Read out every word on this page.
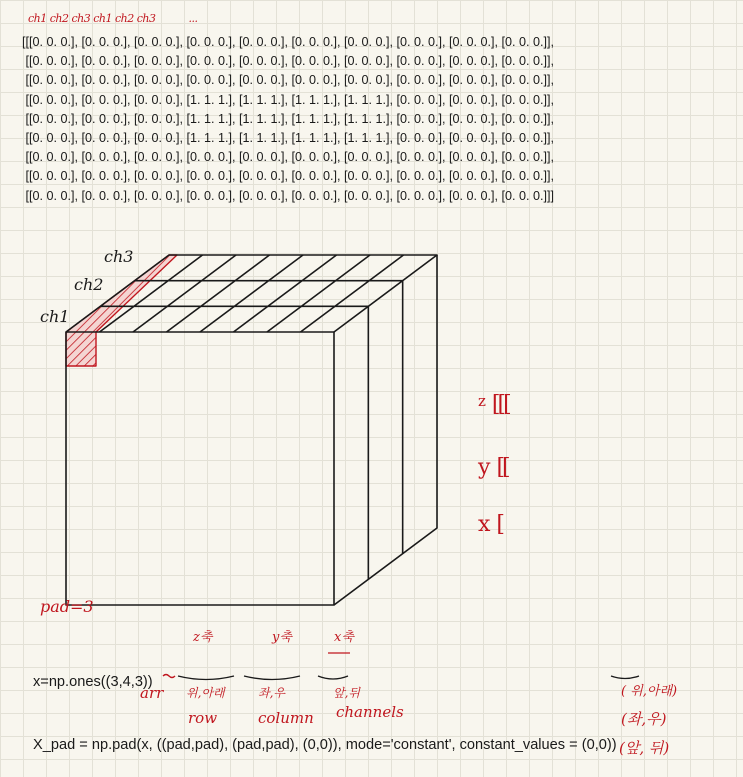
ch1 ch2 ch3 ch1 ch2 ch3	...
[[[0. 0. 0.], [0. 0. 0.], [0. 0. 0.], [0. 0. 0.], [0. 0. 0.], [0. 0. 0.], [0. 0. 0.], [0. 0. 0.], [0. 0. 0.], [0. 0. 0.]],
[[0. 0. 0.], [0. 0. 0.], [0. 0. 0.], [0. 0. 0.], [0. 0. 0.], [0. 0. 0.], [0. 0. 0.], [0. 0. 0.], [0. 0. 0.], [0. 0. 0.]],
[[0. 0. 0.], [0. 0. 0.], [0. 0. 0.], [0. 0. 0.], [0. 0. 0.], [0. 0. 0.], [0. 0. 0.], [0. 0. 0.], [0. 0. 0.], [0. 0. 0.]],
[[0. 0. 0.], [0. 0. 0.], [0. 0. 0.], [1. 1. 1.], [1. 1. 1.], [1. 1. 1.], [1. 1. 1.], [0. 0. 0.], [0. 0. 0.], [0. 0. 0.]],
[[0. 0. 0.], [0. 0. 0.], [0. 0. 0.], [1. 1. 1.], [1. 1. 1.], [1. 1. 1.], [1. 1. 1.], [0. 0. 0.], [0. 0. 0.], [0. 0. 0.]],
[[0. 0. 0.], [0. 0. 0.], [0. 0. 0.], [1. 1. 1.], [1. 1. 1.], [1. 1. 1.], [1. 1. 1.], [0. 0. 0.], [0. 0. 0.], [0. 0. 0.]],
[[0. 0. 0.], [0. 0. 0.], [0. 0. 0.], [0. 0. 0.], [0. 0. 0.], [0. 0. 0.], [0. 0. 0.], [0. 0. 0.], [0. 0. 0.], [0. 0. 0.]],
[[0. 0. 0.], [0. 0. 0.], [0. 0. 0.], [0. 0. 0.], [0. 0. 0.], [0. 0. 0.], [0. 0. 0.], [0. 0. 0.], [0. 0. 0.], [0. 0. 0.]],
[[0. 0. 0.], [0. 0. 0.], [0. 0. 0.], [0. 0. 0.], [0. 0. 0.], [0. 0. 0.], [0. 0. 0.], [0. 0. 0.], [0. 0. 0.], [0. 0. 0.]]]
ch1
ch2
ch3
$^z$ [[[
y [[
x [
pad=3
z축	y축	x축

x=np.ones((3,4,3))

X_pad = np.pad(x, ((pad,pad), (pad,pad), (0,0)), mode='constant', constant_values = (0,0))

arr 위,아래	좌,우	앞,뒤
row	column channels
( 위,아래)
(좌,우)
(앞, 뒤)
